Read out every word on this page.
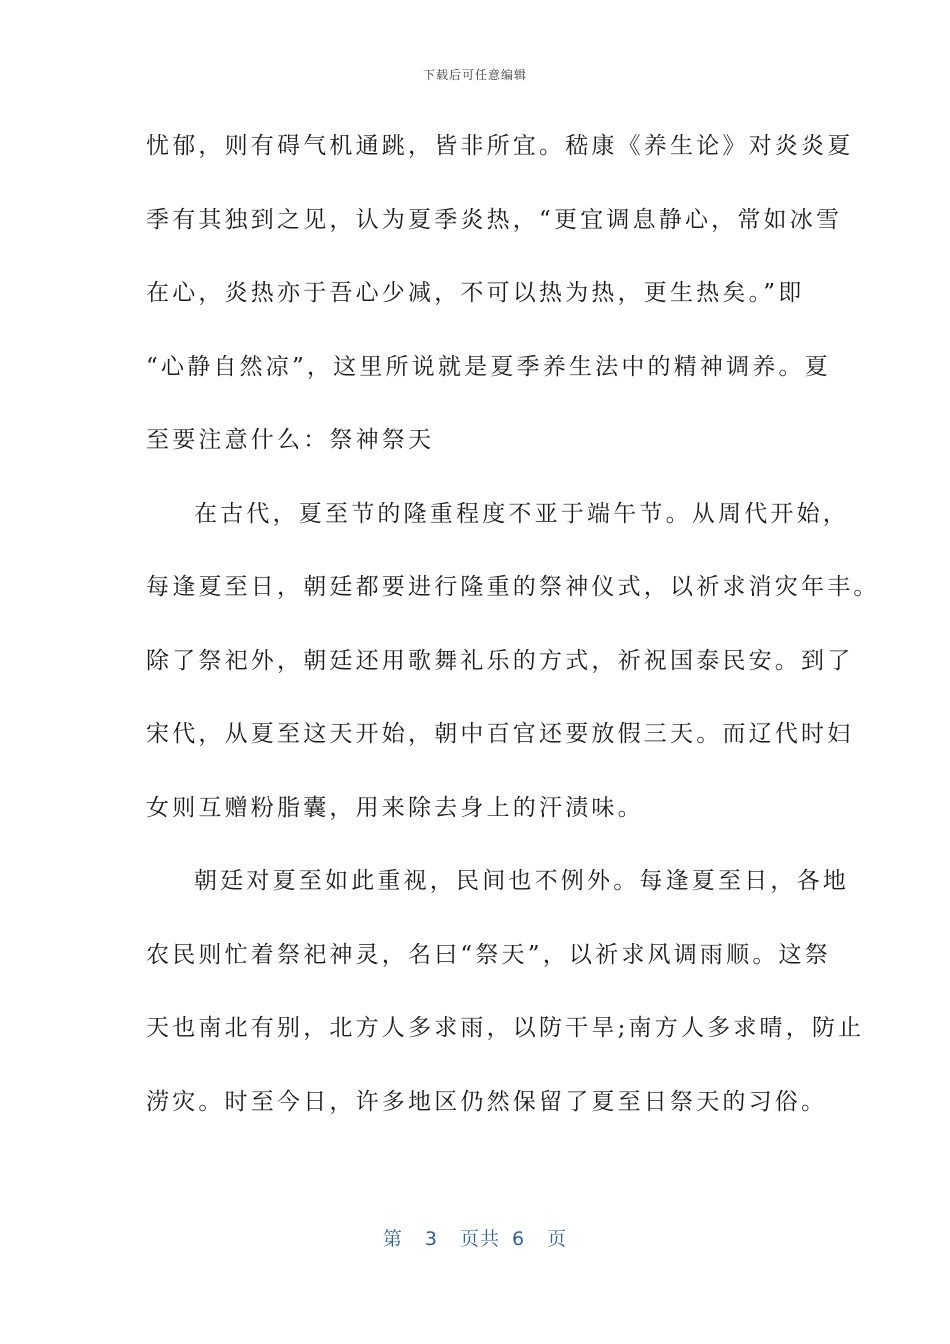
下载后可任意编辑
忧郁，则有碍气机通跳，皆非所宜。嵇康《养生论》对炎炎夏
季有其独到之见，认为夏季炎热，“更宜调息静心，常如冰雪
在心，炎热亦于吾心少减，不可以热为热，更生热矣。”即
“心静自然凉”，这里所说就是夏季养生法中的精神调养。夏
至要注意什么：祭神祭天
在古代，夏至节的隆重程度不亚于端午节。从周代开始，
每逢夏至日，朝廷都要进行隆重的祭神仪式，以祈求消灾年丰。
除了祭祀外，朝廷还用歌舞礼乐的方式，祈祝国泰民安。到了
宋代，从夏至这天开始，朝中百官还要放假三天。而辽代时妇
女则互赠粉脂囊，用来除去身上的汗渍味。
朝廷对夏至如此重视，民间也不例外。每逢夏至日，各地
农民则忙着祭祀神灵，名曰“祭天”，以祈求风调雨顺。这祭
天也南北有别，北方人多求雨，以防干旱;南方人多求晴，防止
涝灾。时至今日，许多地区仍然保留了夏至日祭天的习俗。
第 3 页共 6 页
